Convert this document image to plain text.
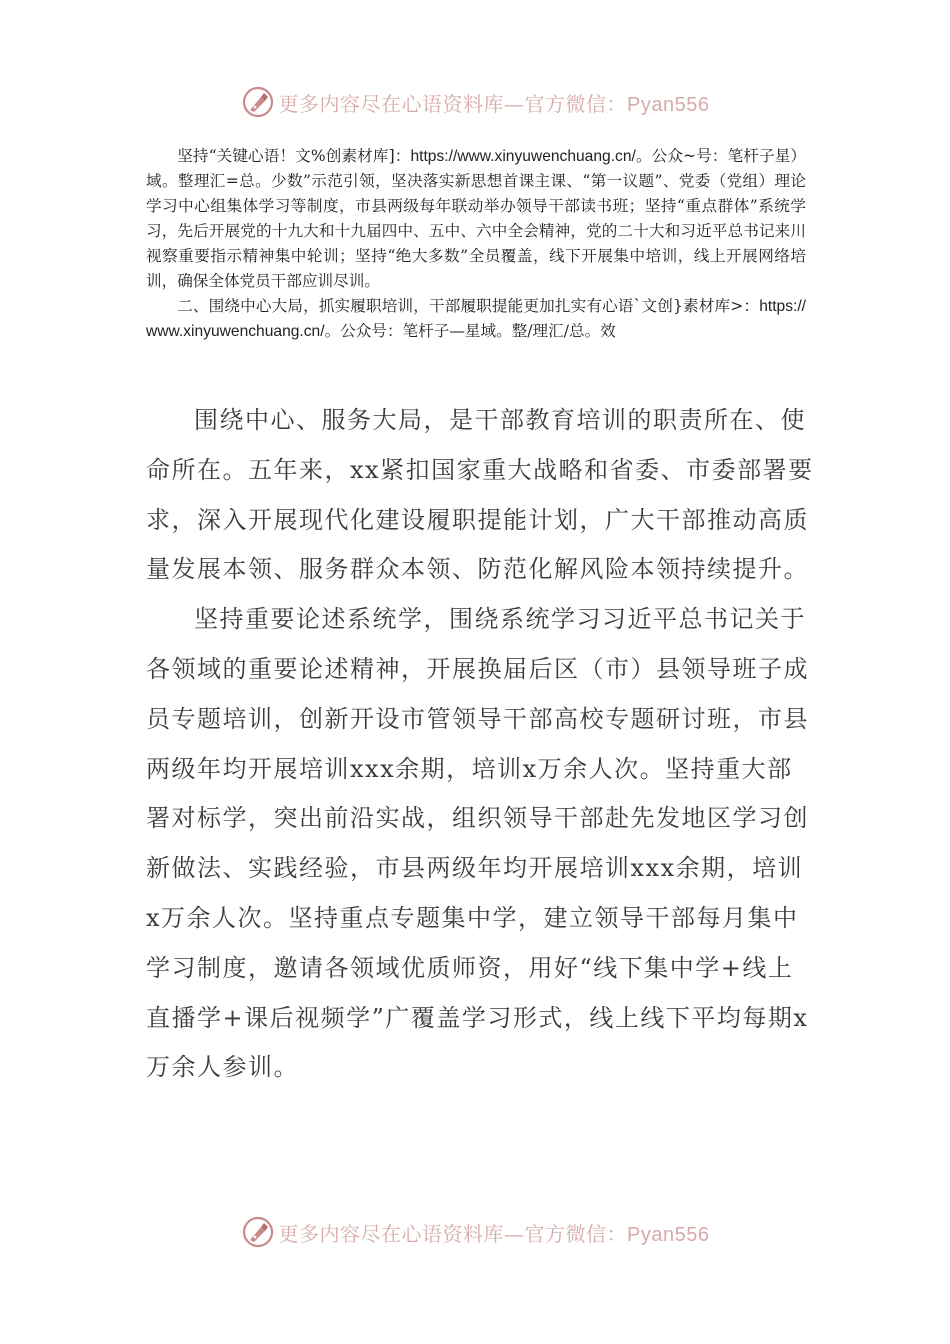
更多内容尽在心语资料库—官方微信：Pyan556

坚持“关键心语！文%创素材库]：https://www.xinyuwenchuang.cn/。公众~号：笔杆子星）域。整理汇=总。少数”示范引领，坚决落实新思想首课主课、“第一议题”、党委（党组）理论学习中心组集体学习等制度，市县两级每年联动举办领导干部读书班；坚持“重点群体”系统学习，先后开展党的十九大和十九届四中、五中、六中全会精神，党的二十大和习近平总书记来川视察重要指示精神集中轮训；坚持“绝大多数”全员覆盖，线下开展集中培训，线上开展网络培训，确保全体党员干部应训尽训。

二、围绕中心大局，抓实履职培训，干部履职提能更加扎实有心语`文创}素材库>：https://www.xinyuwenchuang.cn/。公众号：笔杆子—星域。整/理汇/总。效

围绕中心、服务大局，是干部教育培训的职责所在、使命所在。五年来，xx紧扣国家重大战略和省委、市委部署要求，深入开展现代化建设履职提能计划，广大干部推动高质量发展本领、服务群众本领、防范化解风险本领持续提升。

坚持重要论述系统学，围绕系统学习习近平总书记关于各领域的重要论述精神，开展换届后区（市）县领导班子成员专题培训，创新开设市管领导干部高校专题研讨班，市县两级年均开展培训xxx余期，培训x万余人次。坚持重大部署对标学，突出前沿实战，组织领导干部赴先发地区学习创新做法、实践经验，市县两级年均开展培训xxx余期，培训x万余人次。坚持重点专题集中学，建立领导干部每月集中学习制度，邀请各领域优质师资，用好“线下集中学+线上直播学+课后视频学”广覆盖学习形式，线上线下平均每期x万余人参训。

更多内容尽在心语资料库—官方微信：Pyan556
